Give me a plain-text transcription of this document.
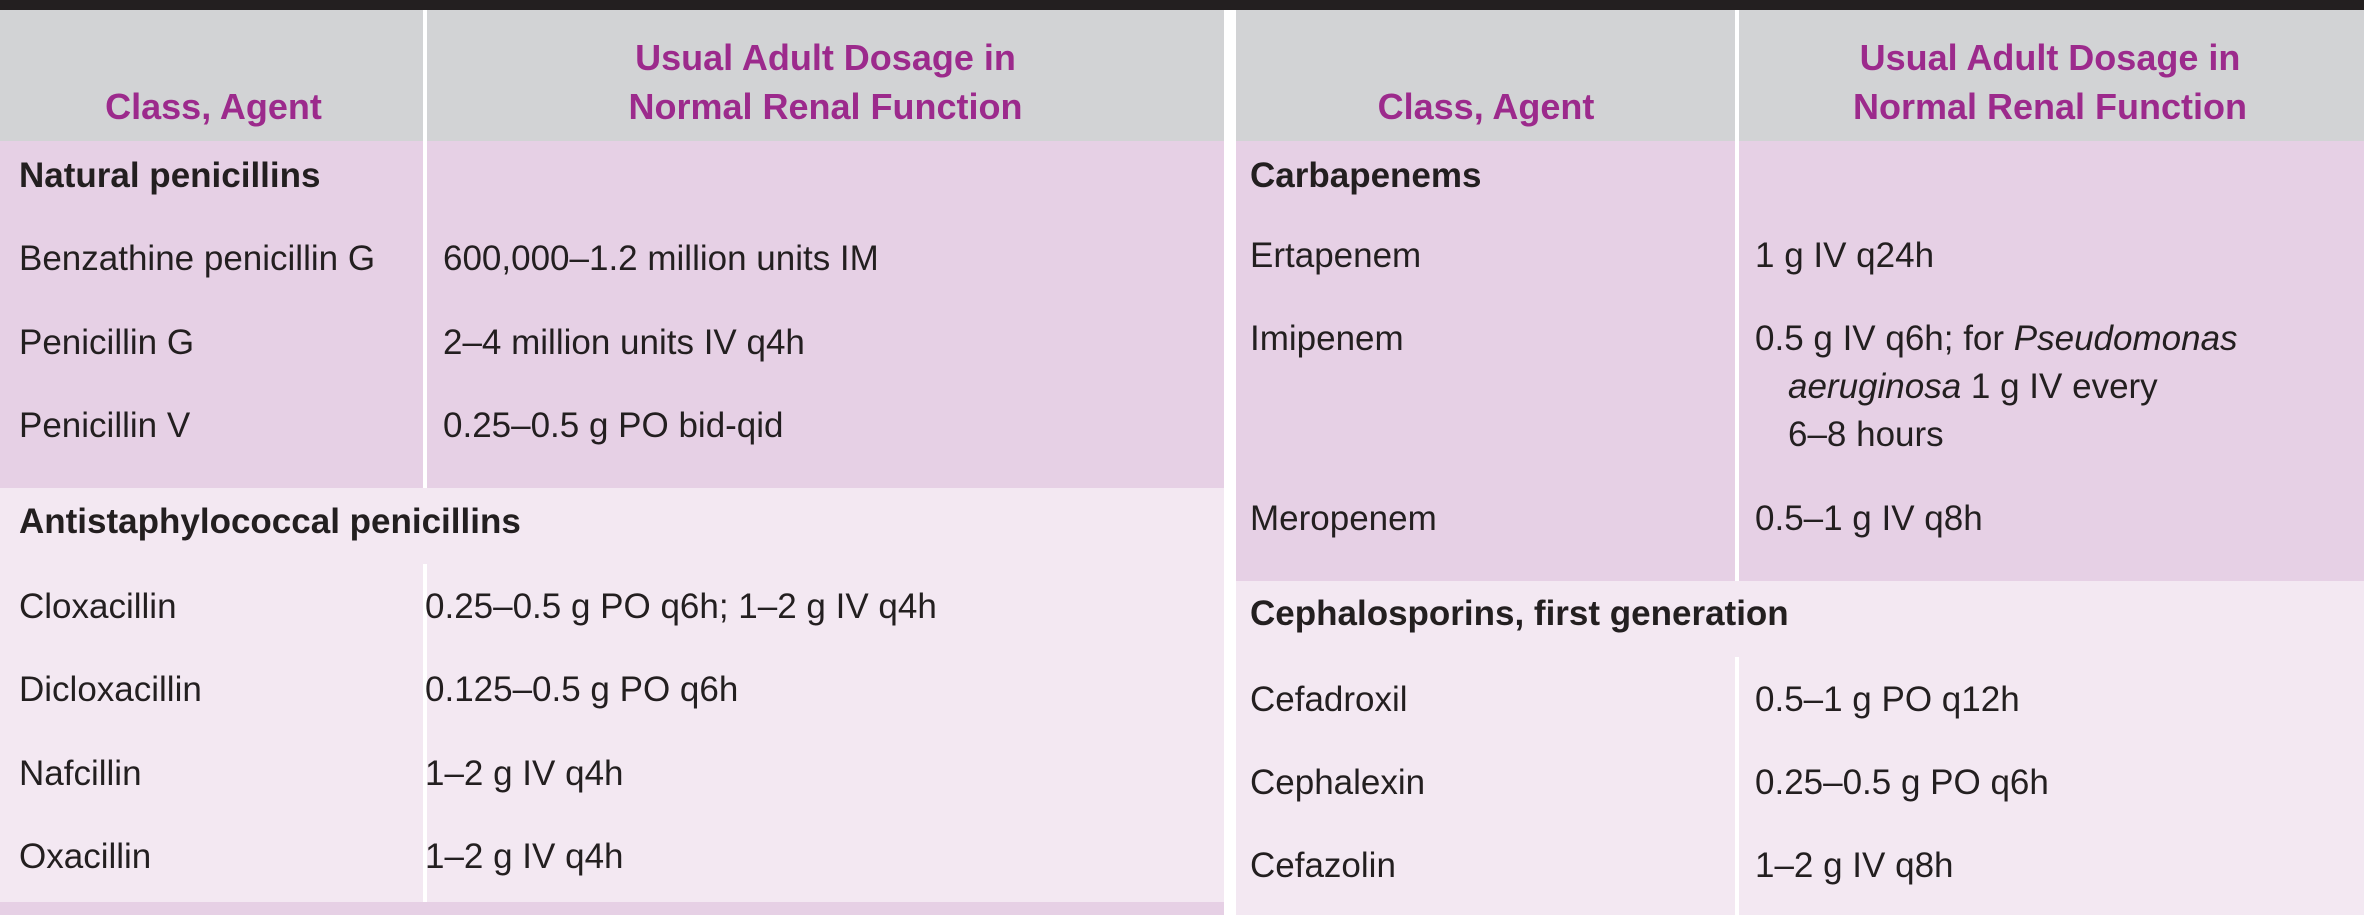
Class, Agent
Usual Adult Dosage in
Normal Renal Function
Natural penicillins
Benzathine penicillin G 600,000–1.2 million units IM
Penicillin G	2–4 million units IV q4h
Penicillin V	0.25–0.5 g PO bid-qid
Antistaphylococcal penicillins
Cloxacillin	0.25–0.5 g PO q6h; 1–2 g IV q4h
Dicloxacillin	0.125–0.5 g PO q6h
Nafcillin	1–2 g IV q4h
Oxacillin	1–2 g IV q4h
Class, Agent
Usual Adult Dosage in
Normal Renal Function
Carbapenems
Ertapenem	1 g IV q24h
Imipenem	0.5 g IV q6h; for Pseudomonas
aeruginosa 1 g IV every
6–8 hours
Meropenem	0.5–1 g IV q8h
Cephalosporins, first generation
Cefadroxil	0.5–1 g PO q12h
Cephalexin	0.25–0.5 g PO q6h
Cefazolin	1–2 g IV q8h
